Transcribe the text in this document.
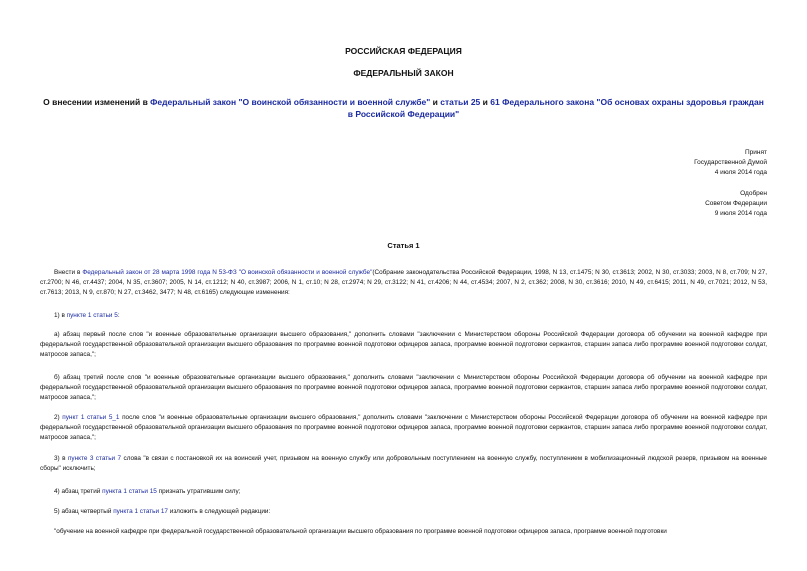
РОССИЙСКАЯ ФЕДЕРАЦИЯ
ФЕДЕРАЛЬНЫЙ ЗАКОН
О внесении изменений в Федеральный закон "О воинской обязанности и военной службе" и статьи 25 и 61 Федерального закона "Об основах охраны здоровья граждан в Российской Федерации"
Принят
Государственной Думой
4 июля 2014 года
Одобрен
Советом Федерации
9 июля 2014 года
Статья 1
Внести в Федеральный закон от 28 марта 1998 года N 53-ФЗ "О воинской обязанности и военной службе"(Собрание законодательства Российской Федерации, 1998, N 13, ст.1475; N 30, ст.3613; 2002, N 30, ст.3033; 2003, N 8, ст.709; N 27, ст.2700; N 46, ст.4437; 2004, N 35, ст.3607; 2005, N 14, ст.1212; N 40, ст.3987; 2006, N 1, ст.10; N 28, ст.2974; N 29, ст.3122; N 41, ст.4206; N 44, ст.4534; 2007, N 2, ст.362; 2008, N 30, ст.3616; 2010, N 49, ст.6415; 2011, N 49, ст.7021; 2012, N 53, ст.7613; 2013, N 9, ст.870; N 27, ст.3462, 3477; N 48, ст.6165) следующие изменения:
1) в пункте 1 статьи 5:
а) абзац первый после слов "и военные образовательные организации высшего образования," дополнить словами "заключении с Министерством обороны Российской Федерации договора об обучении на военной кафедре при федеральной государственной образовательной организации высшего образования по программе военной подготовки офицеров запаса, программе военной подготовки сержантов, старшин запаса либо программе военной подготовки солдат, матросов запаса,";
б) абзац третий после слов "и военные образовательные организации высшего образования," дополнить словами "заключении с Министерством обороны Российской Федерации договора об обучении на военной кафедре при федеральной государственной образовательной организации высшего образования по программе военной подготовки офицеров запаса, программе военной подготовки сержантов, старшин запаса либо программе военной подготовки солдат, матросов запаса,";
2) пункт 1 статьи 5_1 после слов "и военные образовательные организации высшего образования," дополнить словами "заключении с Министерством обороны Российской Федерации договора об обучении на военной кафедре при федеральной государственной образовательной организации высшего образования по программе военной подготовки офицеров запаса, программе военной подготовки сержантов, старшин запаса либо программе военной подготовки солдат, матросов запаса,";
3) в пункте 3 статьи 7 слова "в связи с постановкой их на воинский учет, призывом на военную службу или добровольным поступлением на военную службу, поступлением в мобилизационный людской резерв, призывом на военные сборы" исключить;
4) абзац третий пункта 1 статьи 15 признать утратившим силу;
5) абзац четвертый пункта 1 статьи 17 изложить в следующей редакции:
"обучение на военной кафедре при федеральной государственной образовательной организации высшего образования по программе военной подготовки офицеров запаса, программе военной подготовки
